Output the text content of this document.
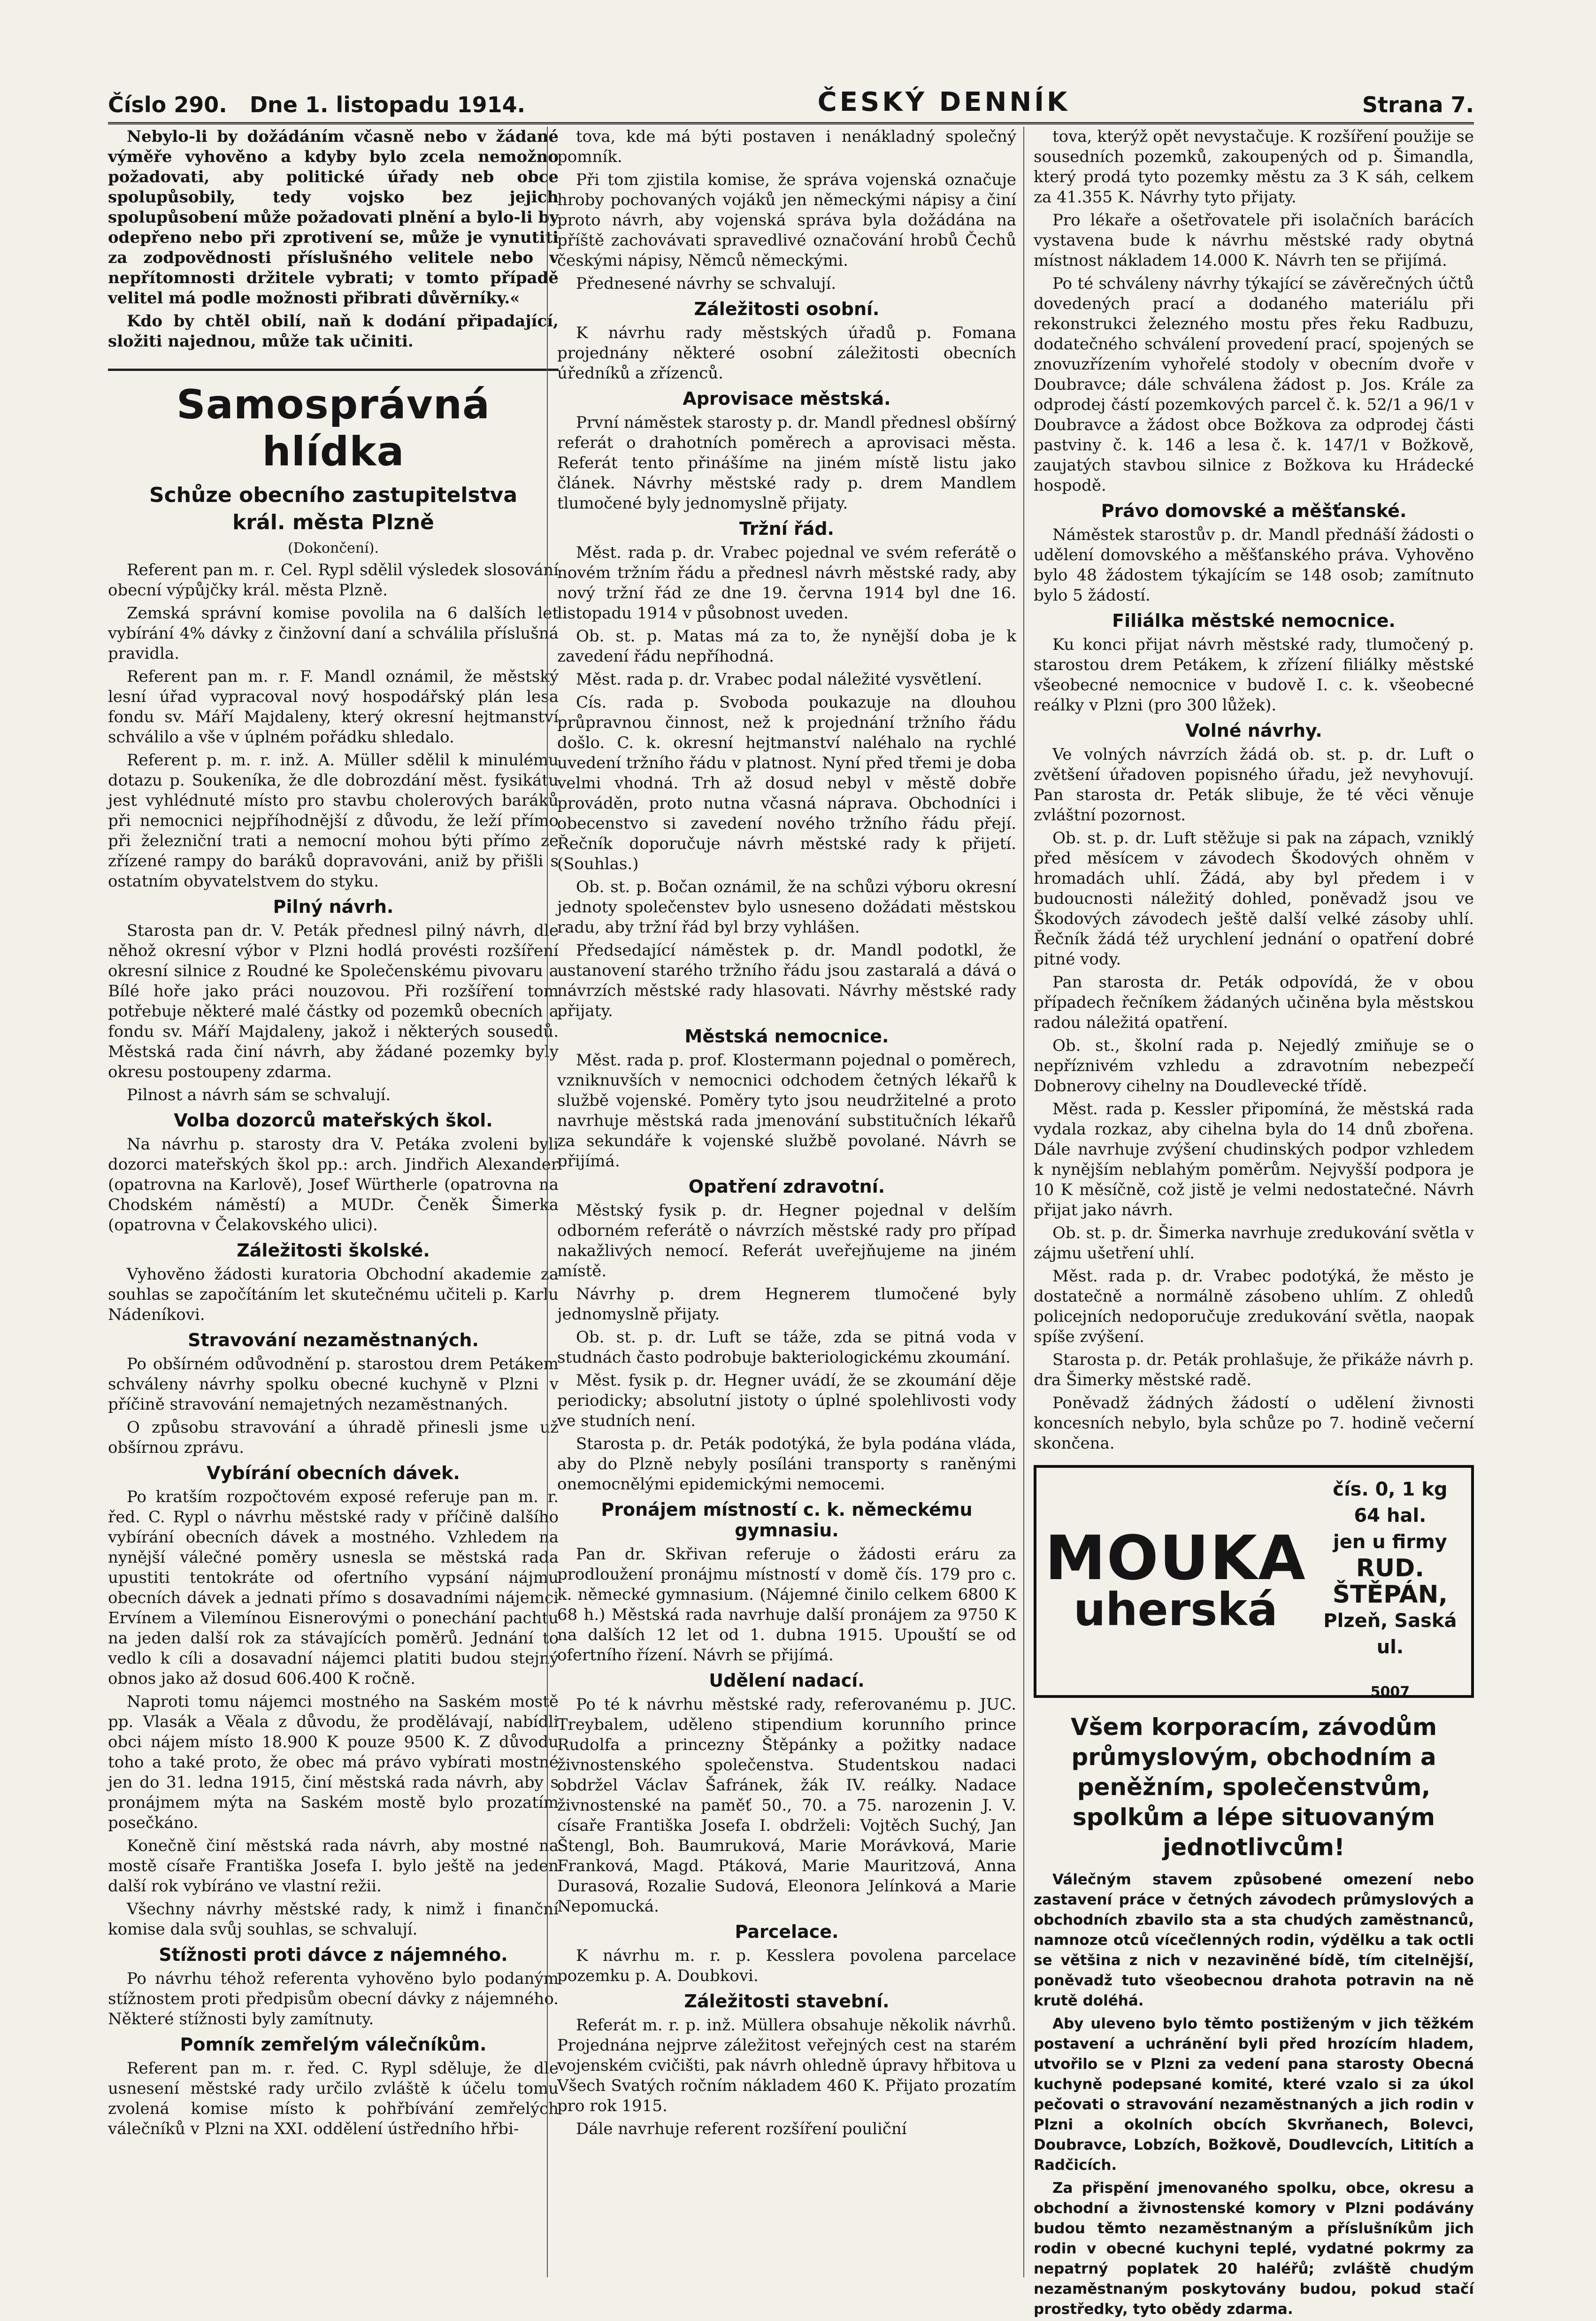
Číslo 290. Dne 1. listopadu 1914.	ČESKÝ DENNÍK	Strana 7.

Nebylo-li by dožádáním včasně nebo v žádané výměře vyhověno a kdyby bylo zcela nemožno požadovati, aby politické úřady neb obce spolupůsobily, tedy vojsko bez jejich spolupůsobení může požadovati plnění a bylo-li by odepřeno nebo při zprotivení se, může je vynutiti za zodpovědnosti příslušného velitele nebo v nepřítomnosti držitele vybrati; v tomto případě velitel má podle možnosti přibrati důvěrníky.«

Kdo by chtěl obilí, naň k dodání připadající, složiti najednou, může tak učiniti.

Samosprávná hlídka
Schůze obecního zastupitelstva
král. města Plzně
(Dokončení).

Referent pan m. r. Cel. Rypl sdělil výsledek slosování obecní výpůjčky král. města Plzně.

Zemská správní komise povolila na 6 dalších let vybírání 4% dávky z činžovní daní a schválila příslušná pravidla.

Referent pan m. r. F. Mandl oznámil, že městský lesní úřad vypracoval nový hospodářský plán lesa fondu sv. Máří Majdaleny, který okresní hejtmanství schválilo a vše v úplném pořádku shledalo.

Referent p. m. r. inž. A. Müller sdělil k minulému dotazu p. Soukeníka, že dle dobrozdání měst. fysikátu jest vyhlédnuté místo pro stavbu cholerových baráků při nemocnici nejpříhodnější z důvodu, že leží přímo při železniční trati a nemocní mohou býti přímo ze zřízené rampy do baráků dopravováni, aniž by přišli s ostatním obyvatelstvem do styku.

Pilný návrh.

Starosta pan dr. V. Peták přednesl pilný návrh, dle něhož okresní výbor v Plzni hodlá provésti rozšíření okresní silnice z Roudné ke Společenskému pivovaru a Bílé hoře jako práci nouzovou. Při rozšíření tom potřebuje některé malé částky od pozemků obecních a fondu sv. Máří Majdaleny, jakož i některých sousedů. Městská rada činí návrh, aby žádané pozemky byly okresu postoupeny zdarma.

Pilnost a návrh sám se schvalují.

Volba dozorců mateřských škol.

Na návrhu p. starosty dra V. Petáka zvoleni byli dozorci mateřských škol pp.: arch. Jindřich Alexander (opatrovna na Karlově), Josef Würtherle (opatrovna na Chodském náměstí) a MUDr. Čeněk Šimerka (opatrovna v Čelakovského ulici).

Záležitosti školské.

Vyhověno žádosti kuratoria Obchodní akademie za souhlas se započítáním let skutečnému učiteli p. Karlu Nádeníkovi.

Stravování nezaměstnaných.

Po obšírném odůvodnění p. starostou drem Petákem schváleny návrhy spolku obecné kuchyně v Plzni v příčině stravování nemajetných nezaměstnaných.

O způsobu stravování a úhradě přinesli jsme už obšírnou zprávu.

Vybírání obecních dávek.

Po kratším rozpočtovém exposé referuje pan m. r. řed. C. Rypl o návrhu městské rady v příčině dalšího vybírání obecních dávek a mostného. Vzhledem na nynější válečné poměry usnesla se městská rada upustiti tentokráte od ofertního vypsání nájmu obecních dávek a jednati přímo s dosavadními nájemci Ervínem a Vilemínou Eisnerovými o ponechání pachtu na jeden další rok za stávajících poměrů. Jednání to vedlo k cíli a dosavadní nájemci platiti budou stejný obnos jako až dosud 606.400 K ročně.

Naproti tomu nájemci mostného na Saském mostě pp. Vlasák a Věala z důvodu, že prodělávají, nabídli obci nájem místo 18.900 K pouze 9500 K. Z důvodu toho a také proto, že obec má právo vybírati mostné jen do 31. ledna 1915, činí městská rada návrh, aby s pronájmem mýta na Saském mostě bylo prozatím posečkáno.

Konečně činí městská rada návrh, aby mostné na mostě císaře Františka Josefa I. bylo ještě na jeden další rok vybíráno ve vlastní režii.

Všechny návrhy městské rady, k nimž i finanční komise dala svůj souhlas, se schvalují.

Stížnosti proti dávce z nájemného.

Po návrhu téhož referenta vyhověno bylo podaným stížnostem proti předpisům obecní dávky z nájemného. Některé stížnosti byly zamítnuty.

Pomník zemřelým válečníkům.

Referent pan m. r. řed. C. Rypl sděluje, že dle usnesení městské rady určilo zvláště k účelu tomu zvolená komise místo k pohřbívání zemřelých válečníků v Plzni na XXI. oddělení ústředního hřbi-

tova, kde má býti postaven i nenákladný společný pomník.

Při tom zjistila komise, že správa vojenská označuje hroby pochovaných vojáků jen německými nápisy a činí proto návrh, aby vojenská správa byla dožádána na příště zachovávati spravedlivé označování hrobů Čechů českými nápisy, Němců německými.

Přednesené návrhy se schvalují.

Záležitosti osobní.

K návrhu rady městských úřadů p. Fomana projednány některé osobní záležitosti obecních úředníků a zřízenců.

Aprovisace městská.

První náměstek starosty p. dr. Mandl přednesl obšírný referát o drahotních poměrech a aprovisaci města. Referát tento přinášíme na jiném místě listu jako článek. Návrhy městské rady p. drem Mandlem tlumočené byly jednomyslně přijaty.

Tržní řád.

Měst. rada p. dr. Vrabec pojednal ve svém referátě o novém tržním řádu a přednesl návrh městské rady, aby nový tržní řád ze dne 19. června 1914 byl dne 16. listopadu 1914 v působnost uveden.

Ob. st. p. Matas má za to, že nynější doba je k zavedení řádu nepříhodná.

Měst. rada p. dr. Vrabec podal náležité vysvětlení.

Cís. rada p. Svoboda poukazuje na dlouhou průpravnou činnost, než k projednání tržního řádu došlo. C. k. okresní hejtmanství naléhalo na rychlé uvedení tržního řádu v platnost. Nyní před třemi je doba velmi vhodná. Trh až dosud nebyl v městě dobře prováděn, proto nutna včasná náprava. Obchodníci i obecenstvo si zavedení nového tržního řádu přejí. Řečník doporučuje návrh městské rady k přijetí. (Souhlas.)

Ob. st. p. Bočan oznámil, že na schůzi výboru okresní jednoty společenstev bylo usneseno dožádati městskou radu, aby tržní řád byl brzy vyhlášen.

Předsedající náměstek p. dr. Mandl podotkl, že ustanovení starého tržního řádu jsou zastaralá a dává o návrzích městské rady hlasovati. Návrhy městské rady přijaty.

Městská nemocnice.

Měst. rada p. prof. Klostermann pojednal o poměrech, vzniknuvších v nemocnici odchodem četných lékařů k službě vojenské. Poměry tyto jsou neudržitelné a proto navrhuje městská rada jmenování substitučních lékařů za sekundáře k vojenské službě povolané. Návrh se přijímá.

Opatření zdravotní.

Městský fysik p. dr. Hegner pojednal v delším odborném referátě o návrzích městské rady pro případ nakažlivých nemocí. Referát uveřejňujeme na jiném místě.

Návrhy p. drem Hegnerem tlumočené byly jednomyslně přijaty.

Ob. st. p. dr. Luft se táže, zda se pitná voda v studnách často podrobuje bakteriologickému zkoumání.

Měst. fysik p. dr. Hegner uvádí, že se zkoumání děje periodicky; absolutní jistoty o úplné spolehlivosti vody ve studních není.

Starosta p. dr. Peták podotýká, že byla podána vláda, aby do Plzně nebyly posíláni transporty s raněnými onemocnělými epidemickými nemocemi.

Pronájem místností c. k. německému gymnasiu.

Pan dr. Skřivan referuje o žádosti eráru za prodloužení pronájmu místností v domě čís. 179 pro c. k. německé gymnasium. (Nájemné činilo celkem 6800 K 68 h.) Městská rada navrhuje další pronájem za 9750 K na dalších 12 let od 1. dubna 1915. Upouští se od ofertního řízení. Návrh se přijímá.

Udělení nadací.

Po té k návrhu městské rady, referovanému p. JUC. Treybalem, uděleno stipendium korunního prince Rudolfa a princezny Štěpánky a požitky nadace živnostenského společenstva. Studentskou nadaci obdržel Václav Šafránek, žák IV. reálky. Nadace živnostenské na paměť 50., 70. a 75. narozenin J. V. císaře Františka Josefa I. obdrželi: Vojtěch Suchý, Jan Štengl, Boh. Baumruková, Marie Morávková, Marie Franková, Magd. Ptáková, Marie Mauritzová, Anna Durasová, Rozalie Sudová, Eleonora Jelínková a Marie Nepomucká.

Parcelace.

K návrhu m. r. p. Kesslera povolena parcelace pozemku p. A. Doubkovi.

Záležitosti stavební.

Referát m. r. p. inž. Müllera obsahuje několik návrhů. Projednána nejprve záležitost veřejných cest na starém vojenském cvičišti, pak návrh ohledně úpravy hřbitova u Všech Svatých ročním nákladem 460 K. Přijato prozatím pro rok 1915.

Dále navrhuje referent rozšíření pouliční

tova, kterýž opět nevystačuje. K rozšíření použije se sousedních pozemků, zakoupených od p. Šimandla, který prodá tyto pozemky městu za 3 K sáh, celkem za 41.355 K. Návrhy tyto přijaty.

Pro lékaře a ošetřovatele při isolačních barácích vystavena bude k návrhu městské rady obytná místnost nákladem 14.000 K. Návrh ten se přijímá.

Po té schváleny návrhy týkající se závěrečných účtů dovedených prací a dodaného materiálu při rekonstrukci železného mostu přes řeku Radbuzu, dodatečného schválení provedení prací, spojených se znovuzřízením vyhořelé stodoly v obecním dvoře v Doubravce; dále schválena žádost p. Jos. Krále za odprodej částí pozemkových parcel č. k. 52/1 a 96/1 v Doubravce a žádost obce Božkova za odprodej části pastviny č. k. 146 a lesa č. k. 147/1 v Božkově, zaujatých stavbou silnice z Božkova ku Hrádecké hospodě.

Právo domovské a měšťanské.

Náměstek starostův p. dr. Mandl přednáší žádosti o udělení domovského a měšťanského práva. Vyhověno bylo 48 žádostem týkajícím se 148 osob; zamítnuto bylo 5 žádostí.

Filiálka městské nemocnice.

Ku konci přijat návrh městské rady, tlumočený p. starostou drem Petákem, k zřízení filiálky městské všeobecné nemocnice v budově I. c. k. všeobecné reálky v Plzni (pro 300 lůžek).

Volné návrhy.

Ve volných návrzích žádá ob. st. p. dr. Luft o zvětšení úřadoven popisného úřadu, jež nevyhovují. Pan starosta dr. Peták slibuje, že té věci věnuje zvláštní pozornost.

Ob. st. p. dr. Luft stěžuje si pak na zápach, vzniklý před měsícem v závodech Škodových ohněm v hromadách uhlí. Žádá, aby byl předem i v budoucnosti náležitý dohled, poněvadž jsou ve Škodových závodech ještě další velké zásoby uhlí. Řečník žádá též urychlení jednání o opatření dobré pitné vody.

Pan starosta dr. Peták odpovídá, že v obou případech řečníkem žádaných učiněna byla městskou radou náležitá opatření.

Ob. st., školní rada p. Nejedlý zmiňuje se o nepříznivém vzhledu a zdravotním nebezpečí Dobnerovy cihelny na Doudlevecké třídě.

Měst. rada p. Kessler připomíná, že městská rada vydala rozkaz, aby cihelna byla do 14 dnů zbořena. Dále navrhuje zvýšení chudinských podpor vzhledem k nynějším neblahým poměrům. Nejvyšší podpora je 10 K měsíčně, což jistě je velmi nedostatečné. Návrh přijat jako návrh.

Ob. st. p. dr. Šimerka navrhuje zredukování světla v zájmu ušetření uhlí.

Měst. rada p. dr. Vrabec podotýká, že město je dostatečně a normálně zásobeno uhlím. Z ohledů policejních nedoporučuje zredukování světla, naopak spíše zvýšení.

Starosta p. dr. Peták prohlašuje, že přikáže návrh p. dra Šimerky městské radě.

Poněvadž žádných žádostí o udělení živnosti koncesních nebylo, byla schůze po 7. hodině večerní skončena.

MOUKA
uherská
čís. 0, 1 kg 64 hal.
jen u firmy
RUD. ŠTĚPÁN,
Plzeň, Saská ul.
5007
Všem korporacím, závodům průmyslovým, obchodním a peněžním, společenstvům, spolkům a lépe situovaným jednotlivcům!

Válečným stavem způsobené omezení nebo zastavení práce v četných závodech průmyslových a obchodních zbavilo sta a sta chudých zaměstnanců, namnoze otců vícečlenných rodin, výdělku a tak octli se většina z nich v nezaviněné bídě, tím citelnější, poněvadž tuto všeobecnou drahota potravin na ně krutě doléhá.

Aby ulevenо bylo těmto postiženým v jich těžkém postavení a uchránění byli před hrozícím hladem, utvořilo se v Plzni za vedení pana starosty Obecná kuchyně podepsané komité, které vzalo si za úkol pečovati o stravování nezaměstnaných a jich rodin v Plzni a okolních obcích Skvrňanech, Bolevci, Doubravce, Lobzích, Božkově, Doudlevcích, Lititích a Radčicích.

Za přispění jmenovaného spolku, obce, okresu a obchodní a živnostenské komory v Plzni podávány budou těmto nezaměstnaným a příslušníkům jich rodin v obecné kuchyni teplé, vydatné pokrmy za nepatrný poplatek 20 haléřů; zvláště chudým nezaměstnaným poskytovány budou, pokud stačí prostředky, tyto obědy zdarma.
